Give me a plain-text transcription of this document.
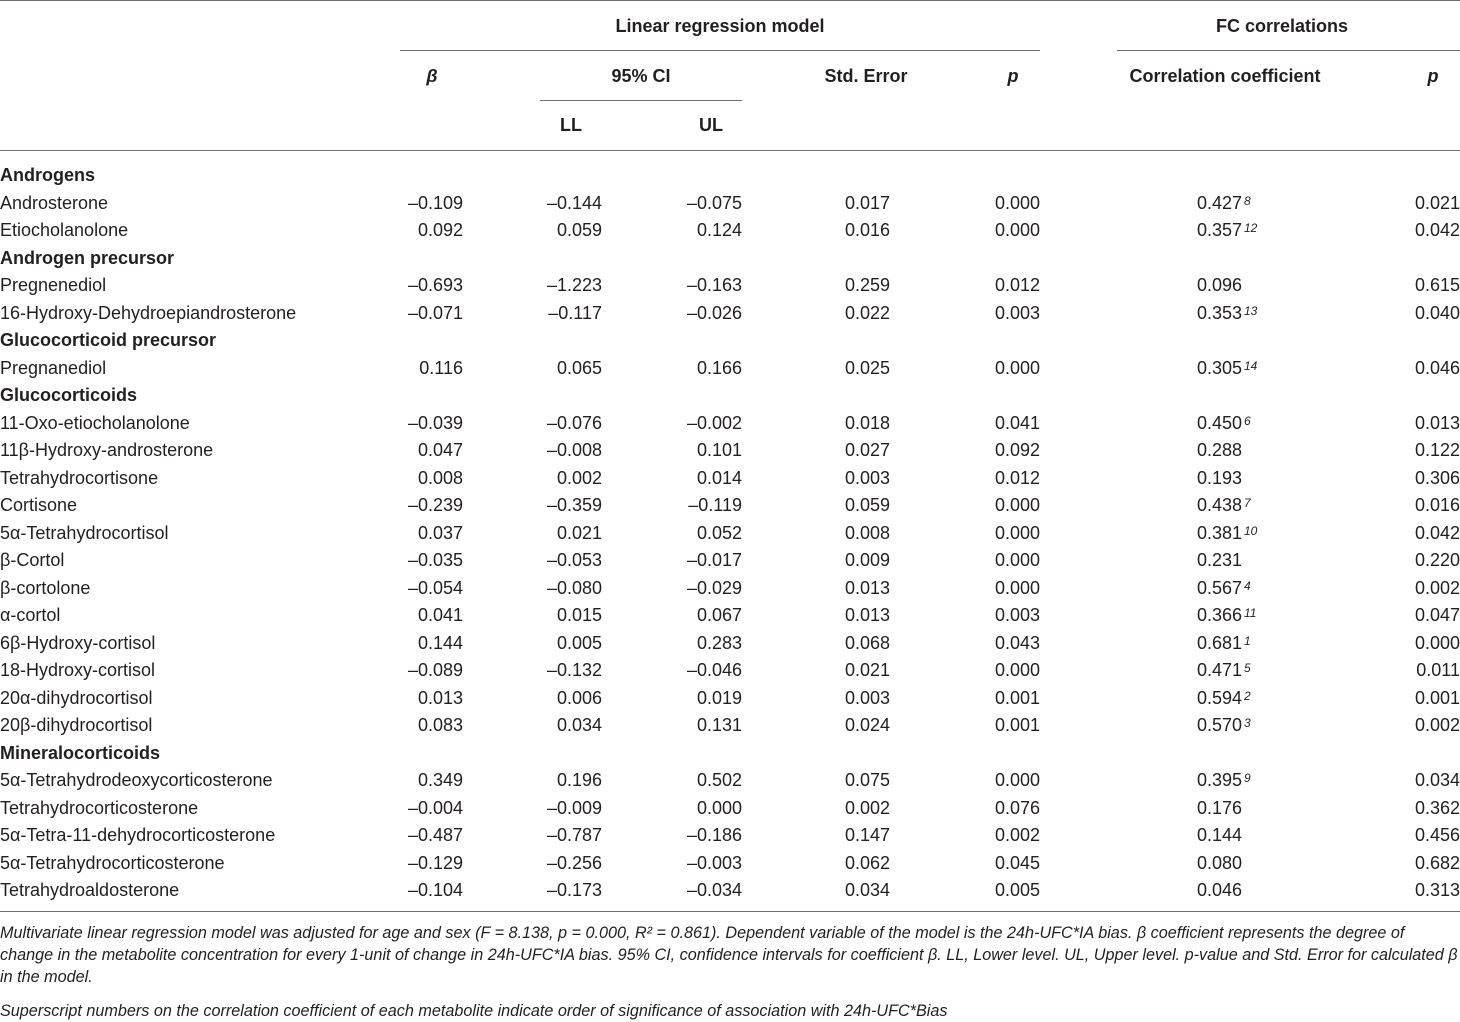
Linear regression model	FC correlations
β	95% CI	Std. Error	p	Correlation coefficient	p
LL	UL
Androgens
Androsterone	–0.109	–0.144	–0.075	0.017	0.000	0.427 8	0.021
Etiocholanolone	0.092	0.059	0.124	0.016	0.000	0.357 12	0.042
Androgen precursor
Pregnenediol	–0.693	–1.223	–0.163	0.259	0.012	0.096	0.615
16-Hydroxy-Dehydroepiandrosterone	–0.071	–0.117	–0.026	0.022	0.003	0.353 13	0.040
Glucocorticoid precursor
Pregnanediol	0.116	0.065	0.166	0.025	0.000	0.305 14	0.046
Glucocorticoids
11-Oxo-etiocholanolone	–0.039	–0.076	–0.002	0.018	0.041	0.450 6	0.013
11β-Hydroxy-androsterone	0.047	–0.008	0.101	0.027	0.092	0.288	0.122
Tetrahydrocortisone	0.008	0.002	0.014	0.003	0.012	0.193	0.306
Cortisone	–0.239	–0.359	–0.119	0.059	0.000	0.438 7	0.016
5α-Tetrahydrocortisol	0.037	0.021	0.052	0.008	0.000	0.381 10	0.042
β-Cortol	–0.035	–0.053	–0.017	0.009	0.000	0.231	0.220
β-cortolone	–0.054	–0.080	–0.029	0.013	0.000	0.567 4	0.002
α-cortol	0.041	0.015	0.067	0.013	0.003	0.366 11	0.047
6β-Hydroxy-cortisol	0.144	0.005	0.283	0.068	0.043	0.681 1	0.000
18-Hydroxy-cortisol	–0.089	–0.132	–0.046	0.021	0.000	0.471 5	0.011
20α-dihydrocortisol	0.013	0.006	0.019	0.003	0.001	0.594 2	0.001
20β-dihydrocortisol	0.083	0.034	0.131	0.024	0.001	0.570 3	0.002
Mineralocorticoids
5α-Tetrahydrodeoxycorticosterone	0.349	0.196	0.502	0.075	0.000	0.395 9	0.034
Tetrahydrocorticosterone	–0.004	–0.009	0.000	0.002	0.076	0.176	0.362
5α-Tetra-11-dehydrocorticosterone	–0.487	–0.787	–0.186	0.147	0.002	0.144	0.456
5α-Tetrahydrocorticosterone	–0.129	–0.256	–0.003	0.062	0.045	0.080	0.682
Tetrahydroaldosterone	–0.104	–0.173	–0.034	0.034	0.005	0.046	0.313
Multivariate linear regression model was adjusted for age and sex (F = 8.138, p = 0.000, R² = 0.861). Dependent variable of the model is the 24h-UFC*IA bias. β coefficient represents the degree of change in the metabolite concentration for every 1-unit of change in 24h-UFC*IA bias. 95% CI, confidence intervals for coefficient β. LL, Lower level. UL, Upper level. p-value and Std. Error for calculated β in the model.
Superscript numbers on the correlation coefficient of each metabolite indicate order of significance of association with 24h-UFC*Bias
